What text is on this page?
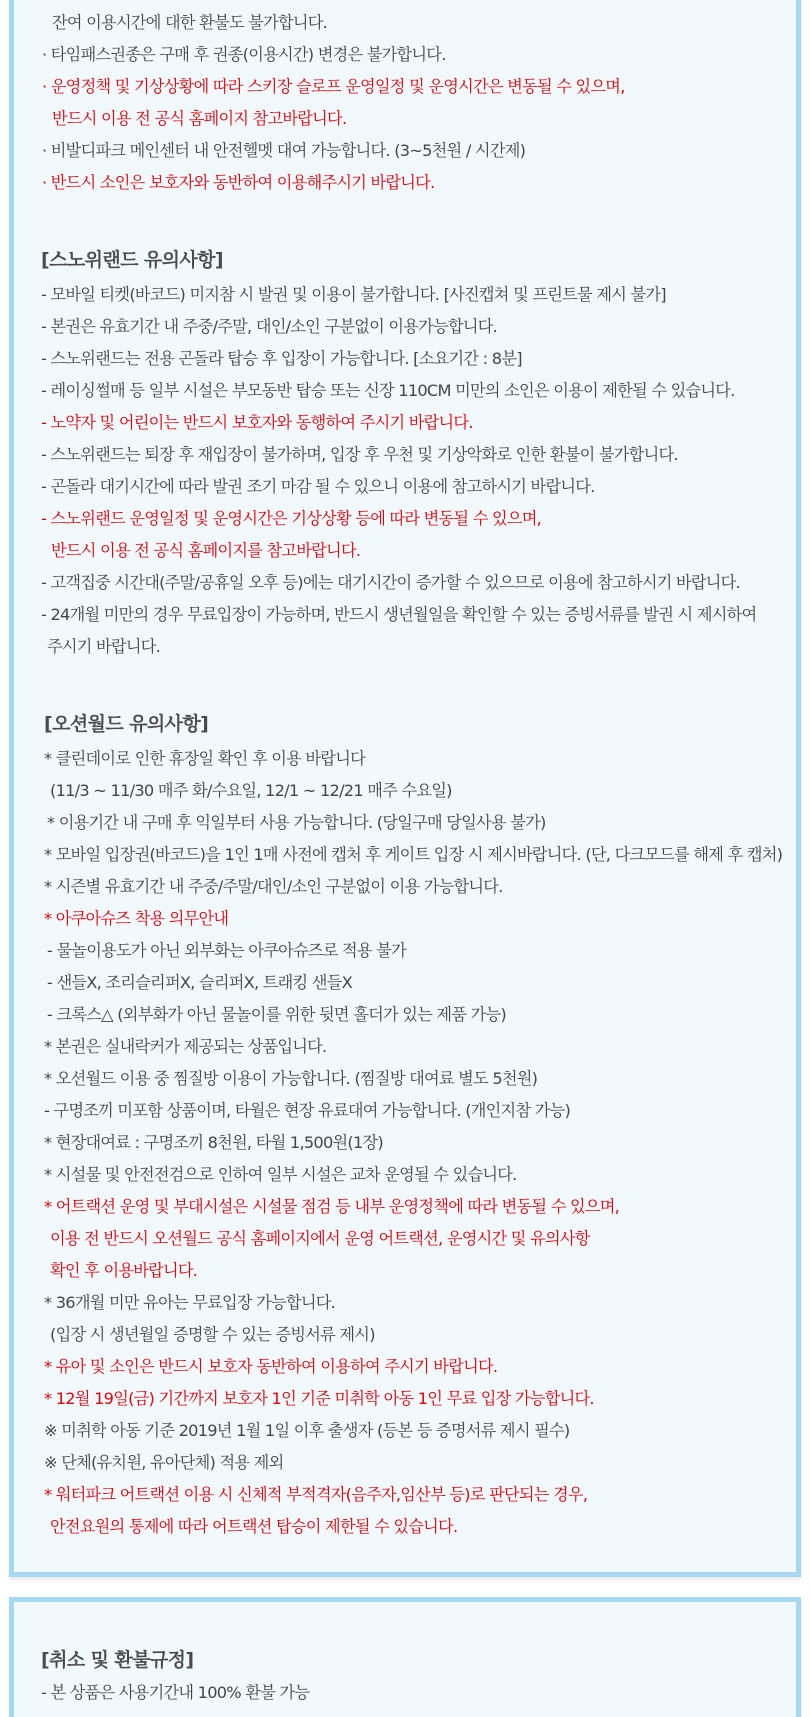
잔여 이용시간에 대한 환불도 불가합니다.
· 타임패스권종은 구매 후 권종(이용시간) 변경은 불가합니다.
· 운영정책 및 기상상황에 따라 스키장 슬로프 운영일정 및 운영시간은 변동될 수 있으며,
반드시 이용 전 공식 홈페이지 참고바랍니다.
· 비발디파크 메인센터 내 안전헬멧 대여 가능합니다. (3~5천원 / 시간제)
· 반드시 소인은 보호자와 동반하여 이용해주시기 바랍니다.
[스노위랜드 유의사항]
- 모바일 티켓(바코드) 미지참 시 발권 및 이용이 불가합니다. [사진캡쳐 및 프린트물 제시 불가]
- 본권은 유효기간 내 주중/주말, 대인/소인 구분없이 이용가능합니다.
- 스노위랜드는 전용 곤돌라 탑승 후 입장이 가능합니다. [소요기간 : 8분]
- 레이싱썰매 등 일부 시설은 부모동반 탑승 또는 신장 110CM 미만의 소인은 이용이 제한될 수 있습니다.
- 노약자 및 어린이는 반드시 보호자와 동행하여 주시기 바랍니다.
- 스노위랜드는 퇴장 후 재입장이 불가하며, 입장 후 우천 및 기상악화로 인한 환불이 불가합니다.
- 곤돌라 대기시간에 따라 발권 조기 마감 될 수 있으니 이용에 참고하시기 바랍니다.
- 스노위랜드 운영일정 및 운영시간은 기상상황 등에 따라 변동될 수 있으며,
반드시 이용 전 공식 홈페이지를 참고바랍니다.
- 고객집중 시간대(주말/공휴일 오후 등)에는 대기시간이 증가할 수 있으므로 이용에 참고하시기 바랍니다.
- 24개월 미만의 경우 무료입장이 가능하며, 반드시 생년월일을 확인할 수 있는 증빙서류를 발권 시 제시하여
주시기 바랍니다.
[오션월드 유의사항]
* 클린데이로 인한 휴장일 확인 후 이용 바랍니다
(11/3 ~ 11/30 매주 화/수요일, 12/1 ~ 12/21 매주 수요일)
* 이용기간 내 구매 후 익일부터 사용 가능합니다. (당일구매 당일사용 불가)
* 모바일 입장권(바코드)을 1인 1매 사전에 캡처 후 게이트 입장 시 제시바랍니다. (단, 다크모드를 해제 후 캡처)
* 시즌별 유효기간 내 주중/주말/대인/소인 구분없이 이용 가능합니다.
* 아쿠아슈즈 착용 의무안내
- 물놀이용도가 아닌 외부화는 아쿠아슈즈로 적용 불가
- 샌들X, 조리슬리퍼X, 슬리퍼X, 트래킹 샌들X
- 크록스△ (외부화가 아닌 물놀이를 위한 뒷면 홀더가 있는 제품 가능)
* 본권은 실내락커가 제공되는 상품입니다.
* 오션월드 이용 중 찜질방 이용이 가능합니다. (찜질방 대여료 별도 5천원)
- 구명조끼 미포함 상품이며, 타월은 현장 유료대여 가능합니다. (개인지참 가능)
* 현장대여료 : 구명조끼 8천원, 타월 1,500원(1장)
* 시설물 및 안전전검으로 인하여 일부 시설은 교차 운영될 수 있습니다.
* 어트랙션 운영 및 부대시설은 시설물 점검 등 내부 운영정책에 따라 변동될 수 있으며,
이용 전 반드시 오션월드 공식 홈페이지에서 운영 어트랙션, 운영시간 및 유의사항
확인 후 이용바랍니다.
* 36개월 미만 유아는 무료입장 가능합니다.
(입장 시 생년월일 증명할 수 있는 증빙서류 제시)
* 유아 및 소인은 반드시 보호자 동반하여 이용하여 주시기 바랍니다.
* 12월 19일(금) 기간까지 보호자 1인 기준 미취학 아동 1인 무료 입장 가능합니다.
※ 미취학 아동 기준 2019년 1월 1일 이후 출생자 (등본 등 증명서류 제시 필수)
※ 단체(유치원, 유아단체) 적용 제외
* 워터파크 어트랙션 이용 시 신체적 부적격자(음주자,임산부 등)로 판단되는 경우,
안전요원의 통제에 따라 어트랙션 탑승이 제한될 수 있습니다.
[취소 및 환불규정]
- 본 상품은 사용기간내 100% 환불 가능
